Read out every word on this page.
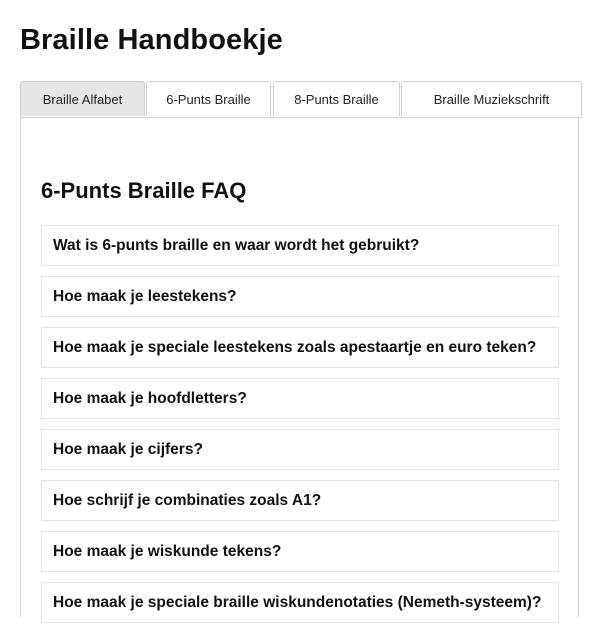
Braille Handboekje
Braille Alfabet	6-Punts Braille	8-Punts Braille	Braille Muziekschrift
6-Punts Braille FAQ
Wat is 6-punts braille en waar wordt het gebruikt?
Hoe maak je leestekens?
Hoe maak je speciale leestekens zoals apestaartje en euro teken?
Hoe maak je hoofdletters?
Hoe maak je cijfers?
Hoe schrijf je combinaties zoals A1?
Hoe maak je wiskunde tekens?
Hoe maak je speciale braille wiskundenotaties (Nemeth-systeem)?
